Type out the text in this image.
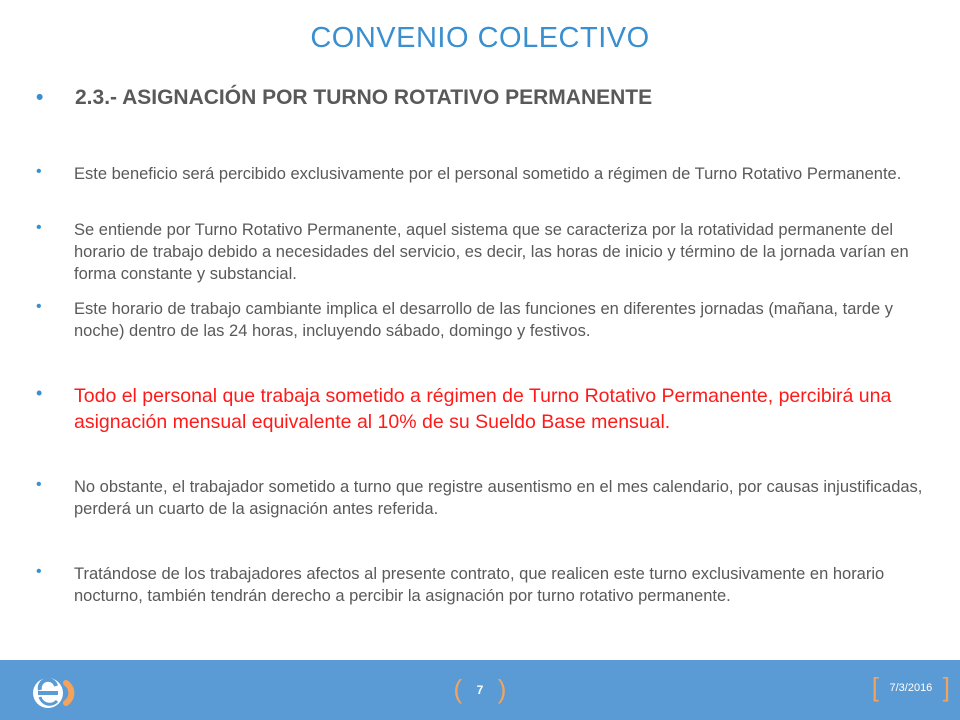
CONVENIO COLECTIVO
•	2.3.- ASIGNACIÓN POR TURNO ROTATIVO PERMANENTE
•	Este beneficio será percibido exclusivamente por el personal sometido a régimen de Turno Rotativo Permanente.
•	Se entiende por Turno Rotativo Permanente, aquel sistema que se caracteriza por la rotatividad permanente del horario de trabajo debido a necesidades del servicio, es decir, las horas de inicio y término de la jornada varían en forma constante y substancial.
•	Este horario de trabajo cambiante implica el desarrollo de las funciones en diferentes jornadas (mañana, tarde y noche) dentro de las 24 horas, incluyendo sábado, domingo y festivos.
•	Todo el personal que trabaja sometido a régimen de Turno Rotativo Permanente, percibirá una asignación mensual equivalente al 10% de su Sueldo Base mensual.
•	No obstante, el trabajador sometido a turno que registre ausentismo en el mes calendario, por causas injustificadas, perderá un cuarto de la asignación antes referida.
•	Tratándose de los trabajadores afectos al presente contrato, que realicen este turno exclusivamente en horario nocturno, también tendrán derecho a percibir la asignación por turno rotativo permanente.
( 7 )	[ 7/3/2016 ]
